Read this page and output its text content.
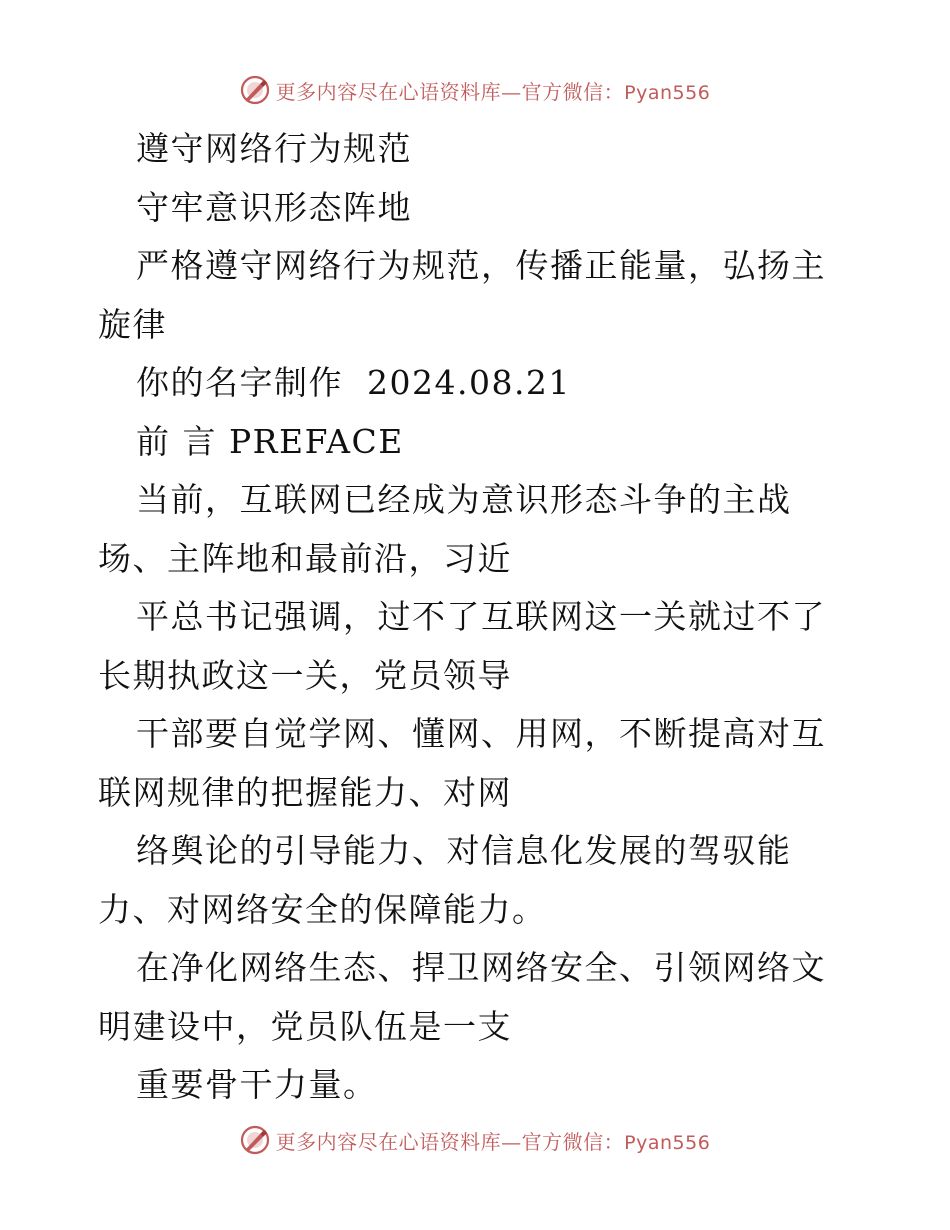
更多内容尽在心语资料库—官方微信：Pyan556

遵守网络行为规范

守牢意识形态阵地

严格遵守网络行为规范，传播正能量，弘扬主旋律

你的名字制作  2024.08.21

前 言 PREFACE

当前，互联网已经成为意识形态斗争的主战场、主阵地和最前沿，习近

平总书记强调，过不了互联网这一关就过不了长期执政这一关，党员领导

干部要自觉学网、懂网、用网，不断提高对互联网规律的把握能力、对网

络舆论的引导能力、对信息化发展的驾驭能力、对网络安全的保障能力。

在净化网络生态、捍卫网络安全、引领网络文明建设中，党员队伍是一支

重要骨干力量。

更多内容尽在心语资料库—官方微信：Pyan556
